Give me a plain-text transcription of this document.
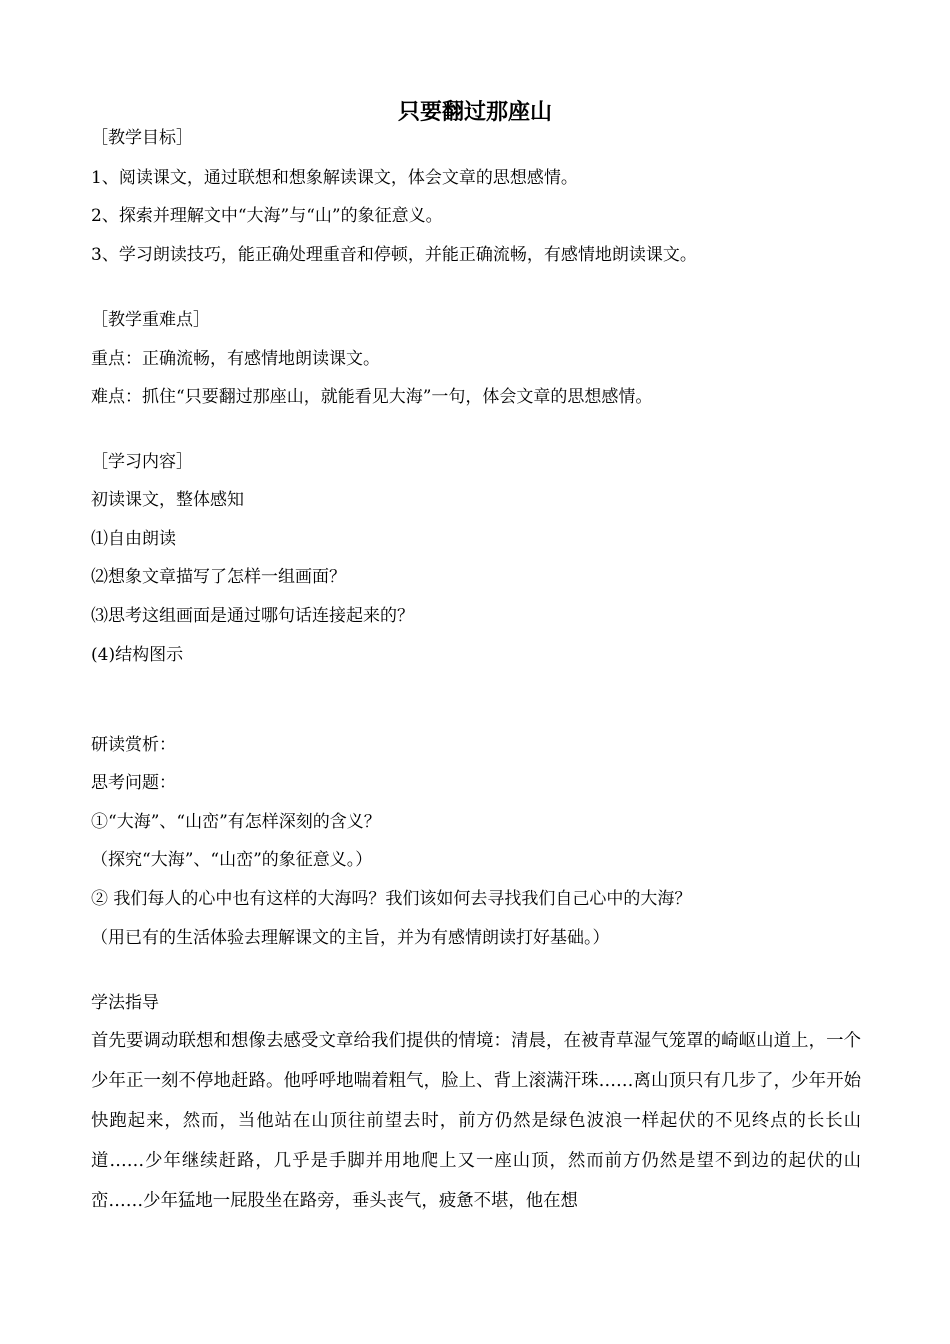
只要翻过那座山
［教学目标］
1、阅读课文，通过联想和想象解读课文，体会文章的思想感情。
2、探索并理解文中“大海”与“山”的象征意义。
3、学习朗读技巧，能正确处理重音和停顿，并能正确流畅，有感情地朗读课文。
［教学重难点］
重点：正确流畅，有感情地朗读课文。
难点：抓住“只要翻过那座山，就能看见大海”一句，体会文章的思想感情。
［学习内容］
初读课文，整体感知
⑴自由朗读
⑵想象文章描写了怎样一组画面？
⑶思考这组画面是通过哪句话连接起来的？
(4)结构图示
研读赏析：
思考问题：
①“大海”、“山峦”有怎样深刻的含义？
（探究“大海”、“山峦”的象征意义。）
② 我们每人的心中也有这样的大海吗？我们该如何去寻找我们自己心中的大海？
（用已有的生活体验去理解课文的主旨，并为有感情朗读打好基础。）
学法指导
首先要调动联想和想像去感受文章给我们提供的情境：清晨，在被青草湿气笼罩的崎岖山道上，一个少年正一刻不停地赶路。他呼呼地喘着粗气，脸上、背上滚满汗珠……离山顶只有几步了，少年开始快跑起来，然而，当他站在山顶往前望去时，前方仍然是绿色波浪一样起伏的不见终点的长长山道……少年继续赶路，几乎是手脚并用地爬上又一座山顶，然而前方仍然是望不到边的起伏的山峦……少年猛地一屁股坐在路旁，垂头丧气，疲惫不堪，他在想
